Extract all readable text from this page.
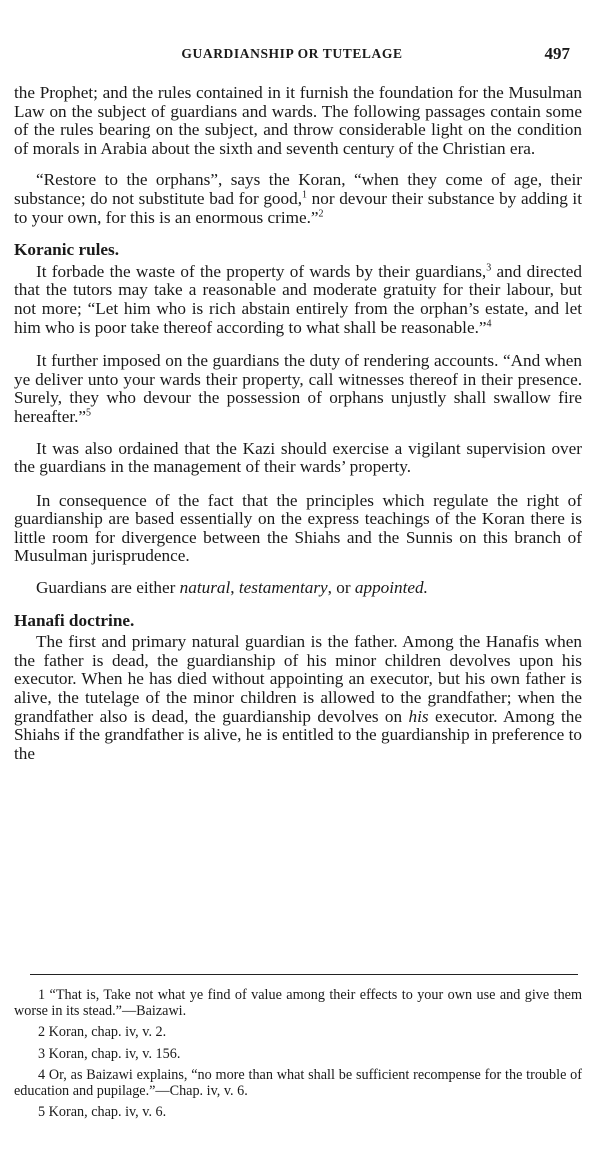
GUARDIANSHIP OR TUTELAGE	497

the Prophet; and the rules contained in it furnish the foundation for the Musulman Law on the subject of guardians and wards. The following passages contain some of the rules bearing on the subject, and throw considerable light on the condition of morals in Arabia about the sixth and seventh century of the Christian era.

“Restore to the orphans”, says the Koran, “when they come of age, their substance; do not substitute bad for good,$^1$ nor devour their substance by adding it to your own, for this is an enormous crime.”$^2$

Koranic rules.

It forbade the waste of the property of wards by their guardians,$^3$ and directed that the tutors may take a reasonable and moderate gratuity for their labour, but not more; “Let him who is rich abstain entirely from the orphan’s estate, and let him who is poor take thereof according to what shall be reasonable.”$^4$

It further imposed on the guardians the duty of rendering accounts. “And when ye deliver unto your wards their property, call witnesses thereof in their presence. Surely, they who devour the possession of orphans unjustly shall swallow fire hereafter.”$^5$

It was also ordained that the Kazi should exercise a vigilant supervision over the guardians in the management of their wards’ property.

In consequence of the fact that the principles which regulate the right of guardianship are based essentially on the express teachings of the Koran there is little room for divergence between the Shiahs and the Sunnis on this branch of Musulman jurisprudence.

Guardians are either natural, testamentary, or appointed.

Hanafi doctrine.

The first and primary natural guardian is the father. Among the Hanafis when the father is dead, the guardianship of his minor children devolves upon his executor. When he has died without appointing an executor, but his own father is alive, the tutelage of the minor children is allowed to the grandfather; when the grandfather also is dead, the guardianship devolves on his executor. Among the Shiahs if the grandfather is alive, he is entitled to the guardianship in preference to the

1 “That is, Take not what ye find of value among their effects to your own use and give them worse in its stead.”—Baizawi.

2 Koran, chap. iv, v. 2.

3 Koran, chap. iv, v. 156.

4 Or, as Baizawi explains, “no more than what shall be sufficient recompense for the trouble of education and pupilage.”—Chap. iv, v. 6.

5 Koran, chap. iv, v. 6.
